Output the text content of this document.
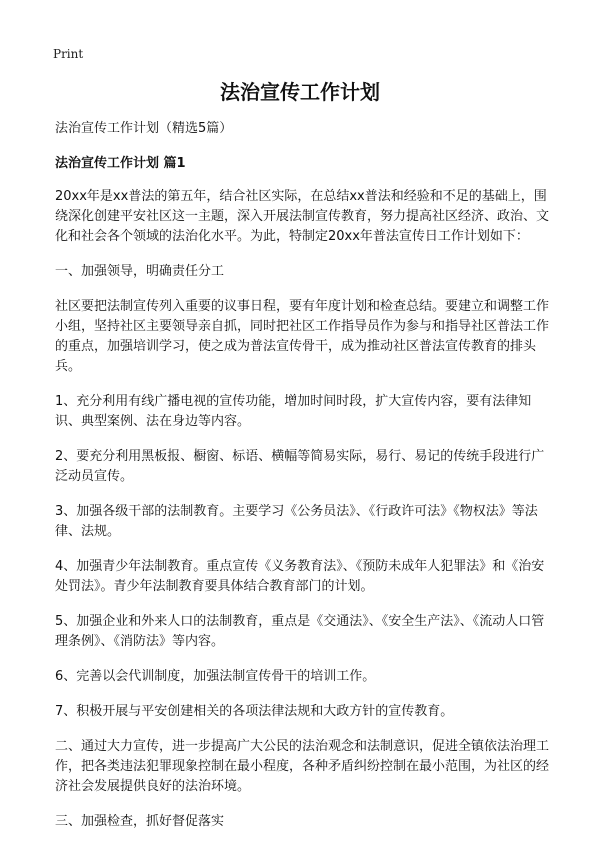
Print
法治宣传工作计划

法治宣传工作计划（精选5篇）

法治宣传工作计划 篇1

20xx年是xx普法的第五年，结合社区实际，在总结xx普法和经验和不足的基础上，围绕深化创建平安社区这一主题，深入开展法制宣传教育，努力提高社区经济、政治、文化和社会各个领域的法治化水平。为此，特制定20xx年普法宣传日工作计划如下：

一、加强领导，明确责任分工

社区要把法制宣传列入重要的议事日程，要有年度计划和检查总结。要建立和调整工作小组，坚持社区主要领导亲自抓，同时把社区工作指导员作为参与和指导社区普法工作的重点，加强培训学习，使之成为普法宣传骨干，成为推动社区普法宣传教育的排头兵。

1、充分利用有线广播电视的宣传功能，增加时间时段，扩大宣传内容，要有法律知识、典型案例、法在身边等内容。

2、要充分利用黑板报、橱窗、标语、横幅等简易实际，易行、易记的传统手段进行广泛动员宣传。

3、加强各级干部的法制教育。主要学习《公务员法》、《行政许可法》《物权法》等法律、法规。

4、加强青少年法制教育。重点宣传《义务教育法》、《预防未成年人犯罪法》和《治安处罚法》。青少年法制教育要具体结合教育部门的计划。

5、加强企业和外来人口的法制教育，重点是《交通法》、《安全生产法》、《流动人口管理条例》、《消防法》等内容。

6、完善以会代训制度，加强法制宣传骨干的培训工作。

7、积极开展与平安创建相关的各项法律法规和大政方针的宣传教育。

二、通过大力宣传，进一步提高广大公民的法治观念和法制意识，促进全镇依法治理工作，把各类违法犯罪现象控制在最小程度，各种矛盾纠纷控制在最小范围，为社区的经济社会发展提供良好的法治环境。

三、加强检查，抓好督促落实
